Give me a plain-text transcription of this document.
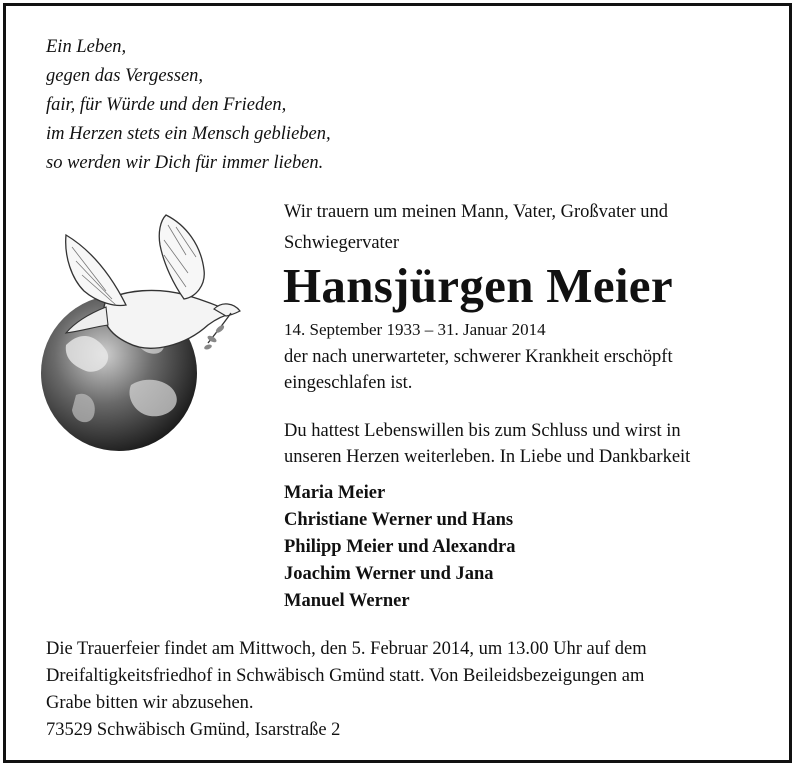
Ein Leben,
gegen das Vergessen,
fair, für Würde und den Frieden,
im Herzen stets ein Mensch geblieben,
so werden wir Dich für immer lieben.
Wir trauern um meinen Mann, Vater, Großvater und
Schwiegervater
Hansjürgen Meier
14. September 1933 – 31. Januar 2014
der nach unerwarteter, schwerer Krankheit erschöpft
eingeschlafen ist.
Du hattest Lebenswillen bis zum Schluss und wirst in
unseren Herzen weiterleben. In Liebe und Dankbarkeit
Maria Meier
Christiane Werner und Hans
Philipp Meier und Alexandra
Joachim Werner und Jana
Manuel Werner
Die Trauerfeier findet am Mittwoch, den 5. Februar 2014, um 13.00 Uhr auf dem
Dreifaltigkeitsfriedhof in Schwäbisch Gmünd statt. Von Beileidsbezeigungen am
Grabe bitten wir abzusehen.
73529 Schwäbisch Gmünd, Isarstraße 2
